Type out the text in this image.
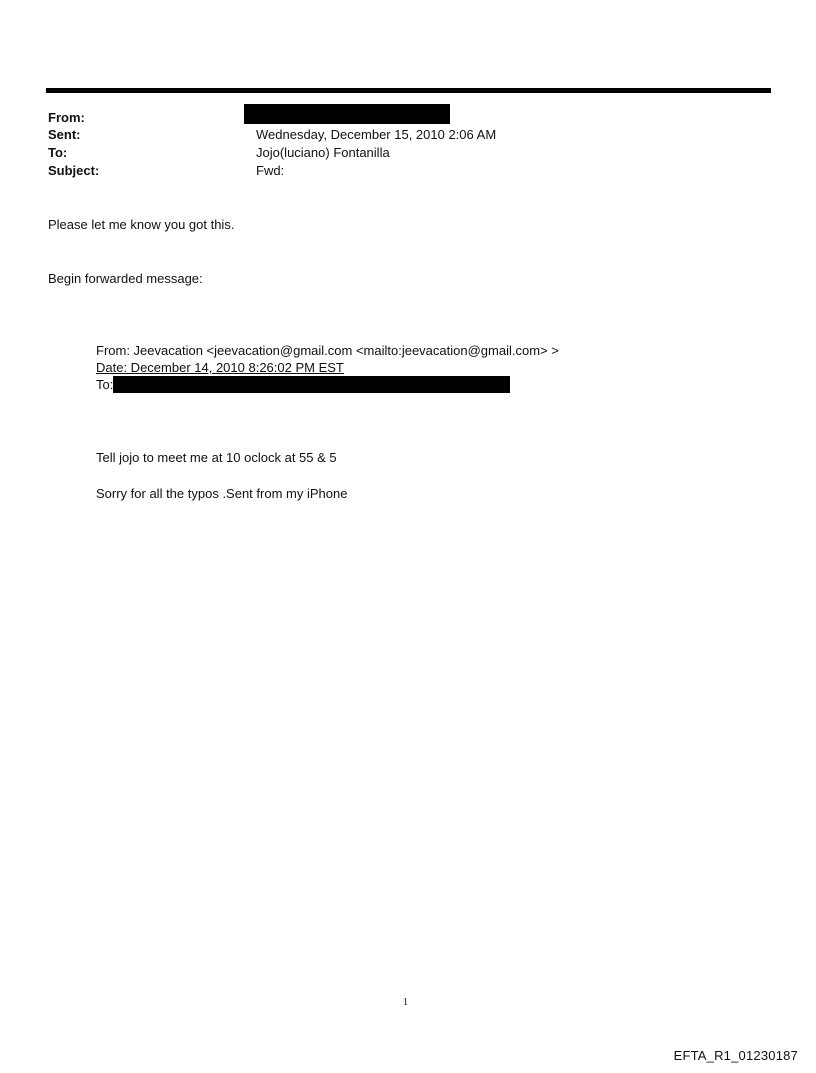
From:
Sent:	Wednesday, December 15, 2010 2:06 AM
To:	Jojo(luciano) Fontanilla
Subject:	Fwd:
Please let me know you got this.
Begin forwarded message:
From: Jeevacation <jeevacation@gmail.com <mailto:jeevacation@gmail.com> >
Date: December 14, 2010 8:26:02 PM EST
To:
Tell jojo to meet me at 10 oclock at 55 & 5
Sorry for all the typos .Sent from my iPhone
1
EFTA_R1_01230187
